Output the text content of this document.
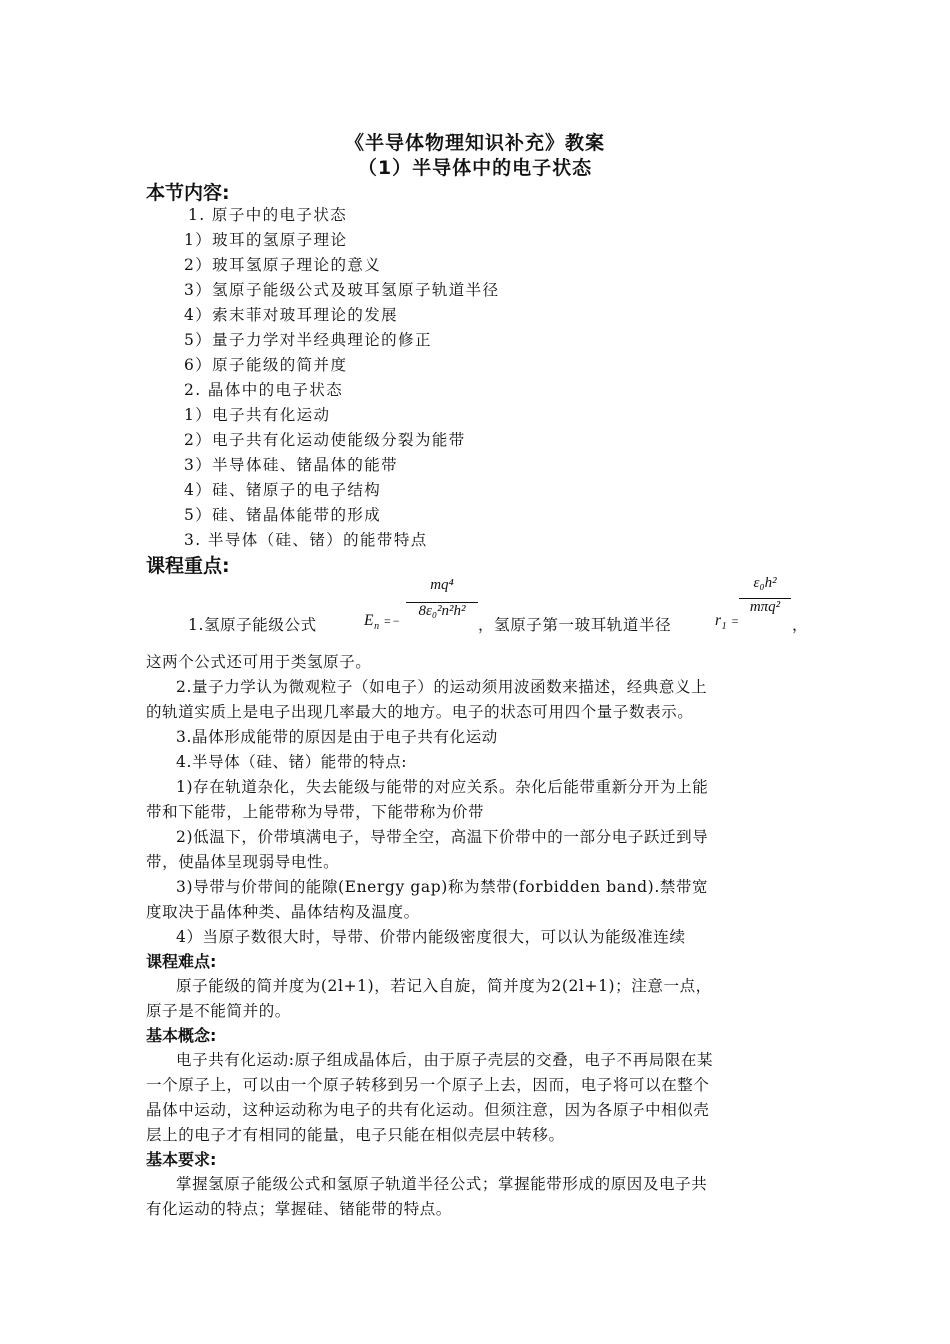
《半导体物理知识补充》教案
（1）半导体中的电子状态
本节内容:
1. 原子中的电子状态
1）玻耳的氢原子理论
2）玻耳氢原子理论的意义
3）氢原子能级公式及玻耳氢原子轨道半径
4）索末菲对玻耳理论的发展
5）量子力学对半经典理论的修正
6）原子能级的简并度
2. 晶体中的电子状态
1）电子共有化运动
2）电子共有化运动使能级分裂为能带
3）半导体硅、锗晶体的能带
4）硅、锗原子的电子结构
5）硅、锗晶体能带的形成
3. 半导体（硅、锗）的能带特点
课程重点:
1.氢原子能级公式	$E_n$ =−
mq⁴
8ε₀²n²h²
，氢原子第一玻耳轨道半径	$r_1$ =
ε₀h²
mπq²
，
这两个公式还可用于类氢原子。
2.量子力学认为微观粒子（如电子）的运动须用波函数来描述，经典意义上
的轨道实质上是电子出现几率最大的地方。电子的状态可用四个量子数表示。
3.晶体形成能带的原因是由于电子共有化运动
4.半导体（硅、锗）能带的特点:
1)存在轨道杂化，失去能级与能带的对应关系。杂化后能带重新分开为上能
带和下能带，上能带称为导带，下能带称为价带
2)低温下，价带填满电子，导带全空，高温下价带中的一部分电子跃迁到导
带，使晶体呈现弱导电性。
3)导带与价带间的能隙(Energy gap)称为禁带(forbidden band).禁带宽
度取决于晶体种类、晶体结构及温度。
4）当原子数很大时，导带、价带内能级密度很大，可以认为能级准连续
课程难点:
原子能级的简并度为(2l+1)，若记入自旋，简并度为2(2l+1)；注意一点，
原子是不能简并的。
基本概念:
电子共有化运动:原子组成晶体后，由于原子壳层的交叠，电子不再局限在某
一个原子上，可以由一个原子转移到另一个原子上去，因而，电子将可以在整个
晶体中运动，这种运动称为电子的共有化运动。但须注意，因为各原子中相似壳
层上的电子才有相同的能量，电子只能在相似壳层中转移。
基本要求:
掌握氢原子能级公式和氢原子轨道半径公式；掌握能带形成的原因及电子共
有化运动的特点；掌握硅、锗能带的特点。
